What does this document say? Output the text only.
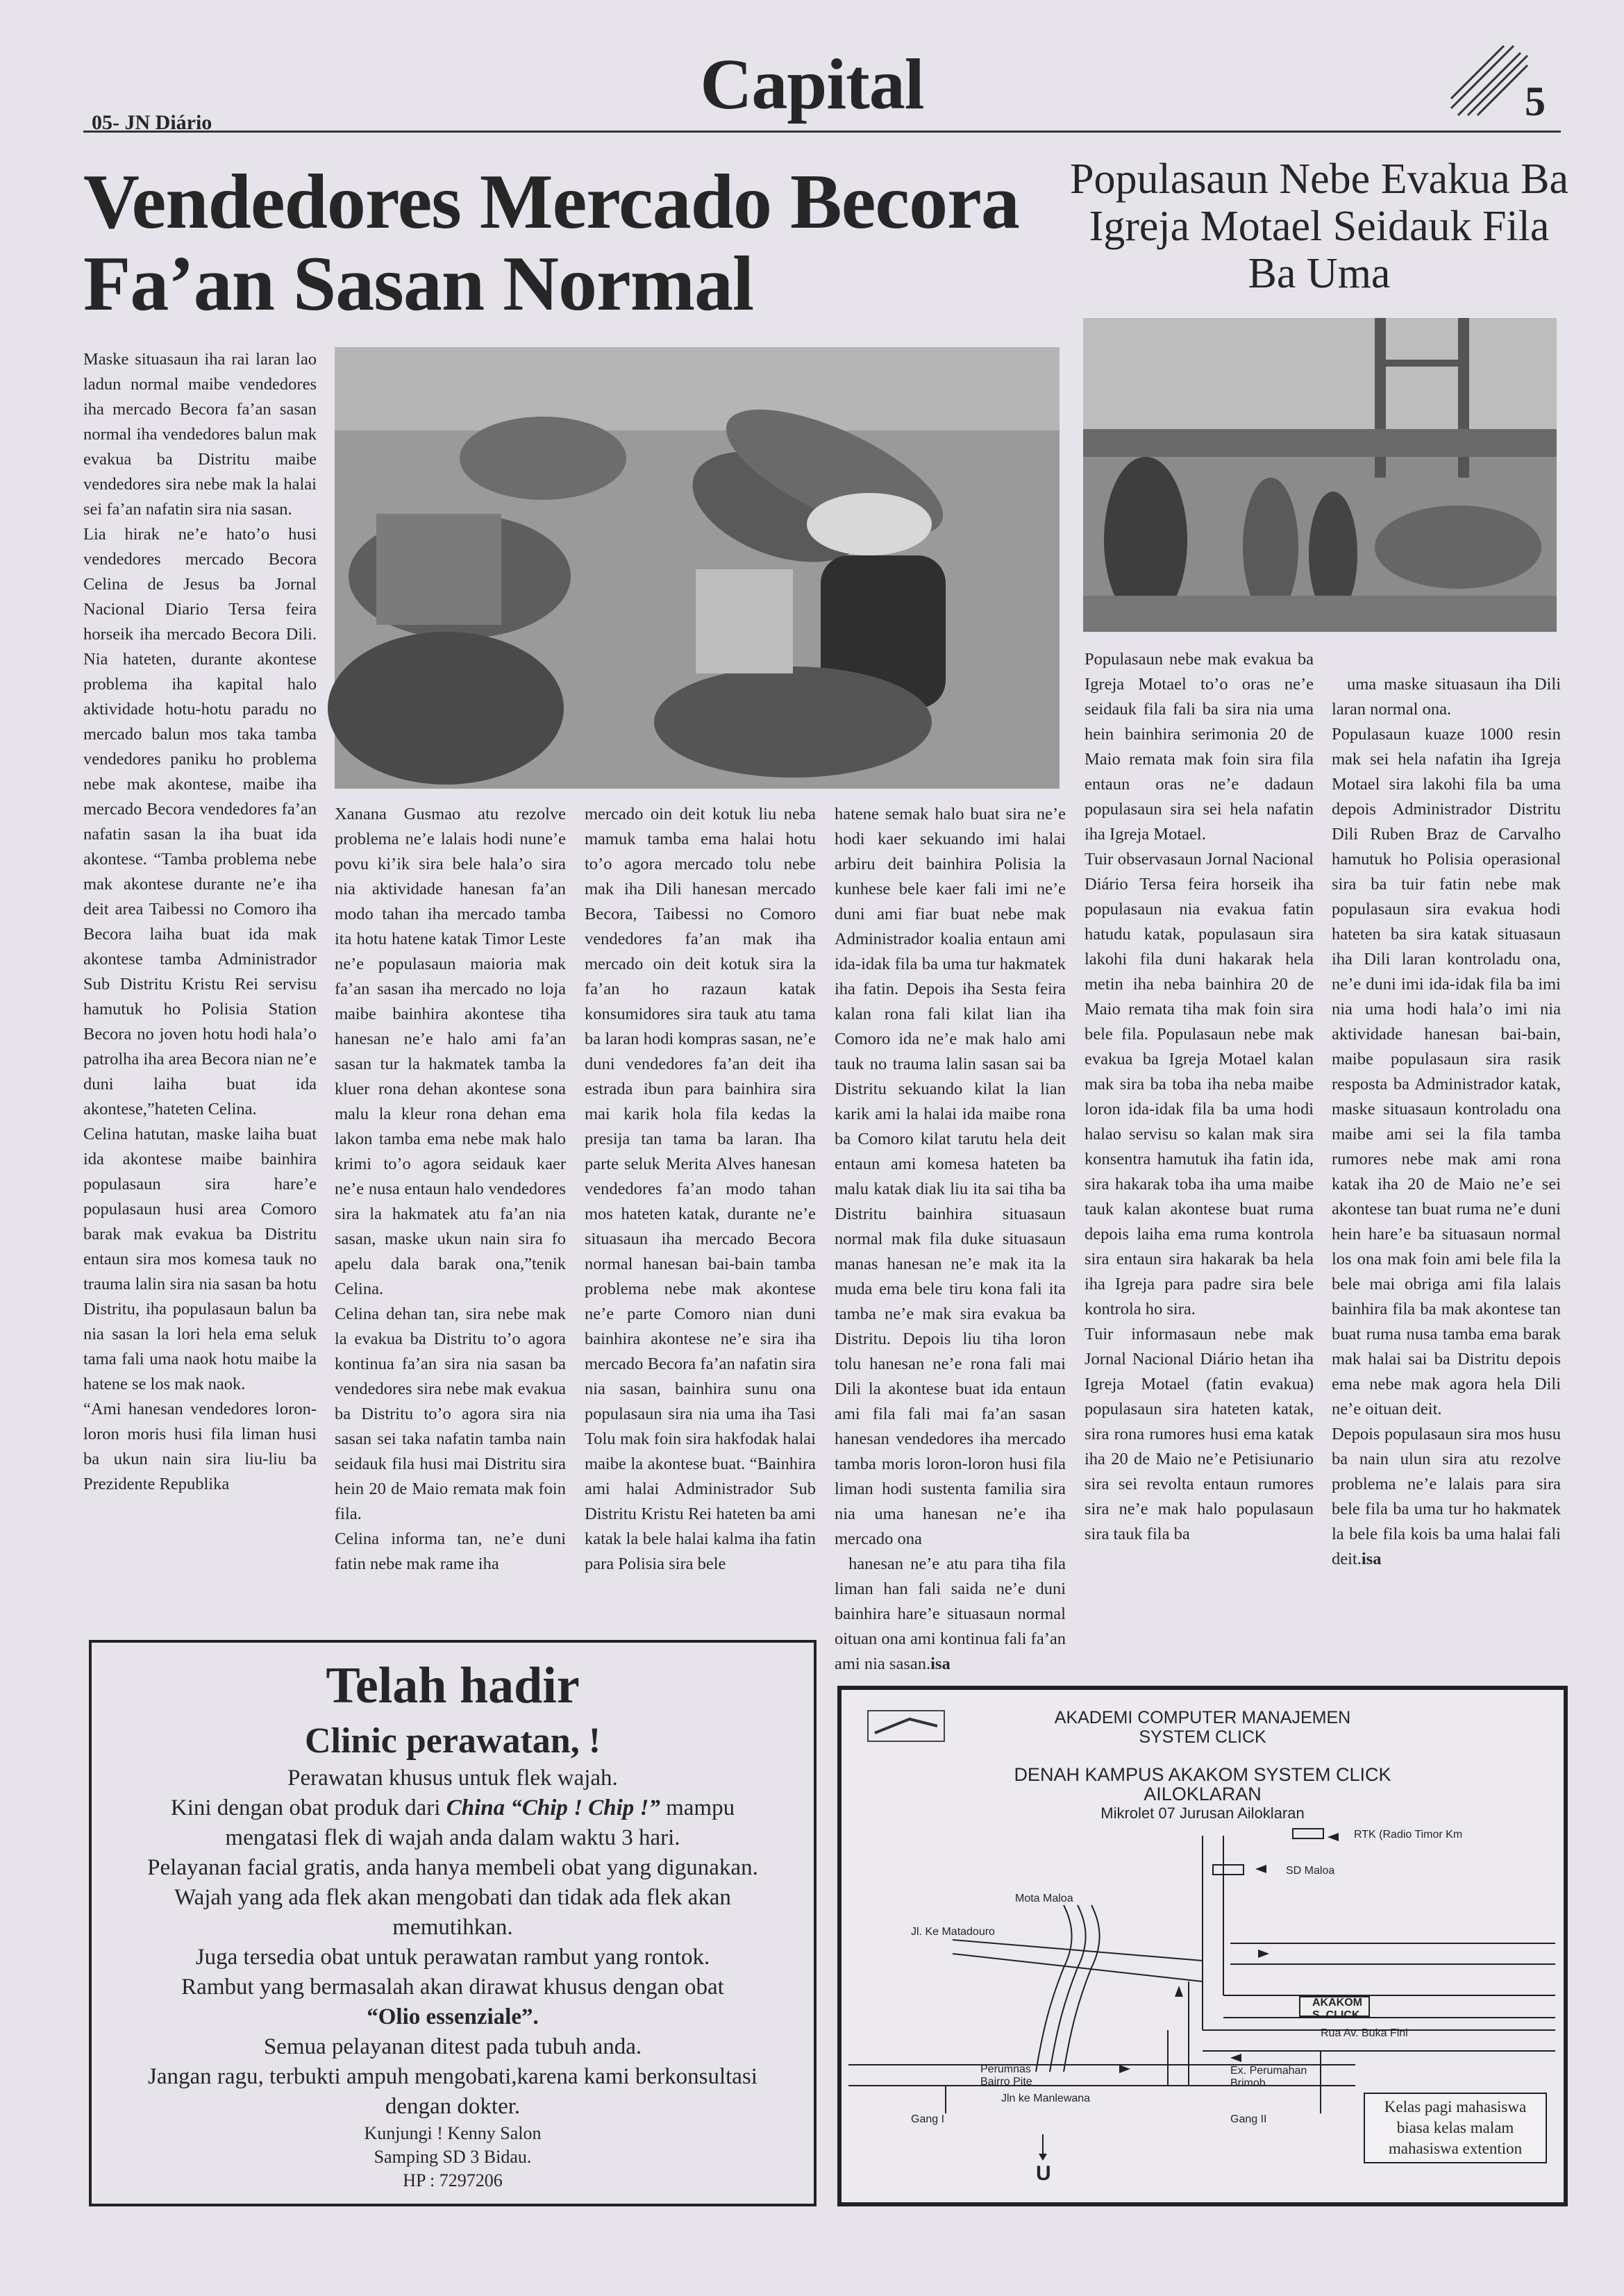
05- JN Diário	Capital	5
Vendedores Mercado Becora Fa’an Sasan Normal
Populasaun Nebe Evakua Ba Igreja Motael Seidauk Fila Ba Uma
Maske situasaun iha rai laran lao ladun normal maibe vendedores iha mercado Becora fa’an sasan normal iha vendedores balun mak evakua ba Distritu maibe vendedores sira nebe mak la halai sei fa’an nafatin sira nia sasan.
Lia hirak ne’e hato’o husi vendedores mercado Becora Celina de Jesus ba Jornal Nacional Diario Tersa feira horseik iha mercado Becora Dili. Nia hateten, durante akontese problema iha kapital halo aktividade hotu-hotu paradu no mercado balun mos taka tamba vendedores paniku ho problema nebe mak akontese, maibe iha mercado Becora vendedores fa’an nafatin sasan la iha buat ida akontese. “Tamba problema nebe mak akontese durante ne’e iha deit area Taibessi no Comoro iha Becora laiha buat ida mak akontese tamba Administrador Sub Distritu Kristu Rei servisu hamutuk ho Polisia Station Becora no joven hotu hodi hala’o patrolha iha area Becora nian ne’e duni laiha buat ida akontese,”hateten Celina.
Celina hatutan, maske laiha buat ida akontese maibe bainhira populasaun sira hare’e populasaun husi area Comoro barak mak evakua ba Distritu entaun sira mos komesa tauk no trauma lalin sira nia sasan ba hotu Distritu, iha populasaun balun ba nia sasan la lori hela ema seluk tama fali uma naok hotu maibe la hatene se los mak naok.
“Ami hanesan vendedores loron-loron moris husi fila liman husi ba ukun nain sira liu-liu ba Prezidente Republika
Xanana Gusmao atu rezolve problema ne’e lalais hodi nune’e povu ki’ik sira bele hala’o sira nia aktividade hanesan fa’an modo tahan iha mercado tamba ita hotu hatene katak Timor Leste ne’e populasaun maioria mak fa’an sasan iha mercado no loja maibe bainhira akontese tiha hanesan ne’e halo ami fa’an sasan tur la hakmatek tamba la kluer rona dehan akontese sona malu la kleur rona dehan ema lakon tamba ema nebe mak halo krimi to’o agora seidauk kaer ne’e nusa entaun halo vendedores sira la hakmatek atu fa’an nia sasan, maske ukun nain sira fo apelu dala barak ona,”tenik Celina.
Celina dehan tan, sira nebe mak la evakua ba Distritu to’o agora kontinua fa’an sira nia sasan ba vendedores sira nebe mak evakua ba Distritu to’o agora sira nia sasan sei taka nafatin tamba nain seidauk fila husi mai Distritu sira hein 20 de Maio remata mak foin fila.
Celina informa tan, ne’e duni fatin nebe mak rame iha
mercado oin deit kotuk liu neba mamuk tamba ema halai hotu to’o agora mercado tolu nebe mak iha Dili hanesan mercado Becora, Taibessi no Comoro vendedores fa’an mak iha mercado oin deit kotuk sira la fa’an ho razaun katak konsumidores sira tauk atu tama ba laran hodi kompras sasan, ne’e duni vendedores fa’an deit iha estrada ibun para bainhira sira mai karik hola fila kedas la presija tan tama ba laran. Iha parte seluk Merita Alves hanesan vendedores fa’an modo tahan mos hateten katak, durante ne’e situasaun iha mercado Becora normal hanesan bai-bain tamba problema nebe mak akontese ne’e parte Comoro nian duni bainhira akontese ne’e sira iha mercado Becora fa’an nafatin sira nia sasan, bainhira sunu ona populasaun sira nia uma iha Tasi Tolu mak foin sira hakfodak halai maibe la akontese buat. “Bainhira ami halai Administrador Sub Distritu Kristu Rei hateten ba ami katak la bele halai kalma iha fatin para Polisia sira bele
hatene semak halo buat sira ne’e hodi kaer sekuando imi halai arbiru deit bainhira Polisia la kunhese bele kaer fali imi ne’e duni ami fiar buat nebe mak Administrador koalia entaun ami ida-idak fila ba uma tur hakmatek iha fatin. Depois iha Sesta feira kalan rona fali kilat lian iha Comoro ida ne’e mak halo ami tauk no trauma lalin sasan sai ba Distritu sekuando kilat la lian karik ami la halai ida maibe rona ba Comoro kilat tarutu hela deit entaun ami komesa hateten ba malu katak diak liu ita sai tiha ba Distritu bainhira situasaun normal mak fila duke situasaun manas hanesan ne’e mak ita la muda ema bele tiru kona fali ita tamba ne’e mak sira evakua ba Distritu. Depois liu tiha loron tolu hanesan ne’e rona fali mai Dili la akontese buat ida entaun ami fila fali mai fa’an sasan hanesan vendedores iha mercado tamba moris loron-loron husi fila liman hodi sustenta familia sira nia uma hanesan ne’e iha mercado ona
hanesan ne’e atu para tiha fila liman han fali saida ne’e duni bainhira hare’e situasaun normal oituan ona ami kontinua fali fa’an ami nia sasan.isa

Populasaun nebe mak evakua ba Igreja Motael to’o oras ne’e seidauk fila fali ba sira nia uma hein bainhira serimonia 20 de Maio remata mak foin sira fila entaun oras ne’e dadaun populasaun sira sei hela nafatin iha Igreja Motael.
Tuir observasaun Jornal Nacional Diário Tersa feira horseik iha populasaun nia evakua fatin hatudu katak, populasaun sira lakohi fila duni hakarak hela metin iha neba bainhira 20 de Maio remata tiha mak foin sira bele fila. Populasaun nebe mak evakua ba Igreja Motael kalan mak sira ba toba iha neba maibe loron ida-idak fila ba uma hodi halao servisu so kalan mak sira konsentra hamutuk iha fatin ida, sira hakarak toba iha uma maibe tauk kalan akontese buat ruma depois laiha ema ruma kontrola sira entaun sira hakarak ba hela iha Igreja para padre sira bele kontrola ho sira.
Tuir informasaun nebe mak Jornal Nacional Diário hetan iha Igreja Motael (fatin evakua) populasaun sira hateten katak, sira rona rumores husi ema katak iha 20 de Maio ne’e Petisiunario sira sei revolta entaun rumores sira ne’e mak halo populasaun sira tauk fila ba

uma maske situasaun iha Dili laran normal ona.
Populasaun kuaze 1000 resin mak sei hela nafatin iha Igreja Motael sira lakohi fila ba uma depois Administrador Distritu Dili Ruben Braz de Carvalho hamutuk ho Polisia operasional sira ba tuir fatin nebe mak populasaun sira evakua hodi hateten ba sira katak situasaun iha Dili laran kontroladu ona, ne’e duni imi ida-idak fila ba imi nia uma hodi hala’o imi nia aktividade hanesan bai-bain, maibe populasaun sira rasik resposta ba Administrador katak, maske situasaun kontroladu ona maibe ami sei la fila tamba rumores nebe mak ami rona katak iha 20 de Maio ne’e sei akontese tan buat ruma ne’e duni hein hare’e ba situasaun normal los ona mak foin ami bele fila la bele mai obriga ami fila lalais bainhira fila ba mak akontese tan buat ruma nusa tamba ema barak mak halai sai ba Distritu depois ema nebe mak agora hela Dili ne’e oituan deit.
Depois populasaun sira mos husu ba nain ulun sira atu rezolve problema ne’e lalais para sira bele fila ba uma tur ho hakmatek la bele fila kois ba uma halai fali deit.isa

Telah hadir
Clinic perawatan, !
Perawatan khusus untuk flek wajah.
Kini dengan obat produk dari China “Chip ! Chip !” mampu
mengatasi flek di wajah anda dalam waktu 3 hari.
Pelayanan facial gratis, anda hanya membeli obat yang digunakan.
Wajah yang ada flek akan mengobati dan tidak ada flek akan
memutihkan.
Juga tersedia obat untuk perawatan rambut yang rontok.
Rambut yang bermasalah akan dirawat khusus dengan obat
“Olio essenziale”.
Semua pelayanan ditest pada tubuh anda.
Jangan ragu, terbukti ampuh mengobati,karena kami berkonsultasi
dengan dokter.
Kunjungi ! Kenny Salon
Samping SD 3 Bidau.
HP : 7297206
AKADEMI COMPUTER MANAJEMEN
SYSTEM CLICK
DENAH KAMPUS AKAKOM SYSTEM CLICK
AILOKLARAN
Mikrolet 07 Jurusan Ailoklaran
RTK (Radio Timor Km
SD Maloa
Mota Maloa
Jl. Ke Matadouro
AKAKOM
S. CLICK
Rua Av. Buka Fini
Perumnas
Bairro Pite
Ex. Perumahan
Brimob
Jln ke Manlewana
Gang I	Gang II
U
Kelas pagi mahasiswa
biasa kelas malam
mahasiswa extention
